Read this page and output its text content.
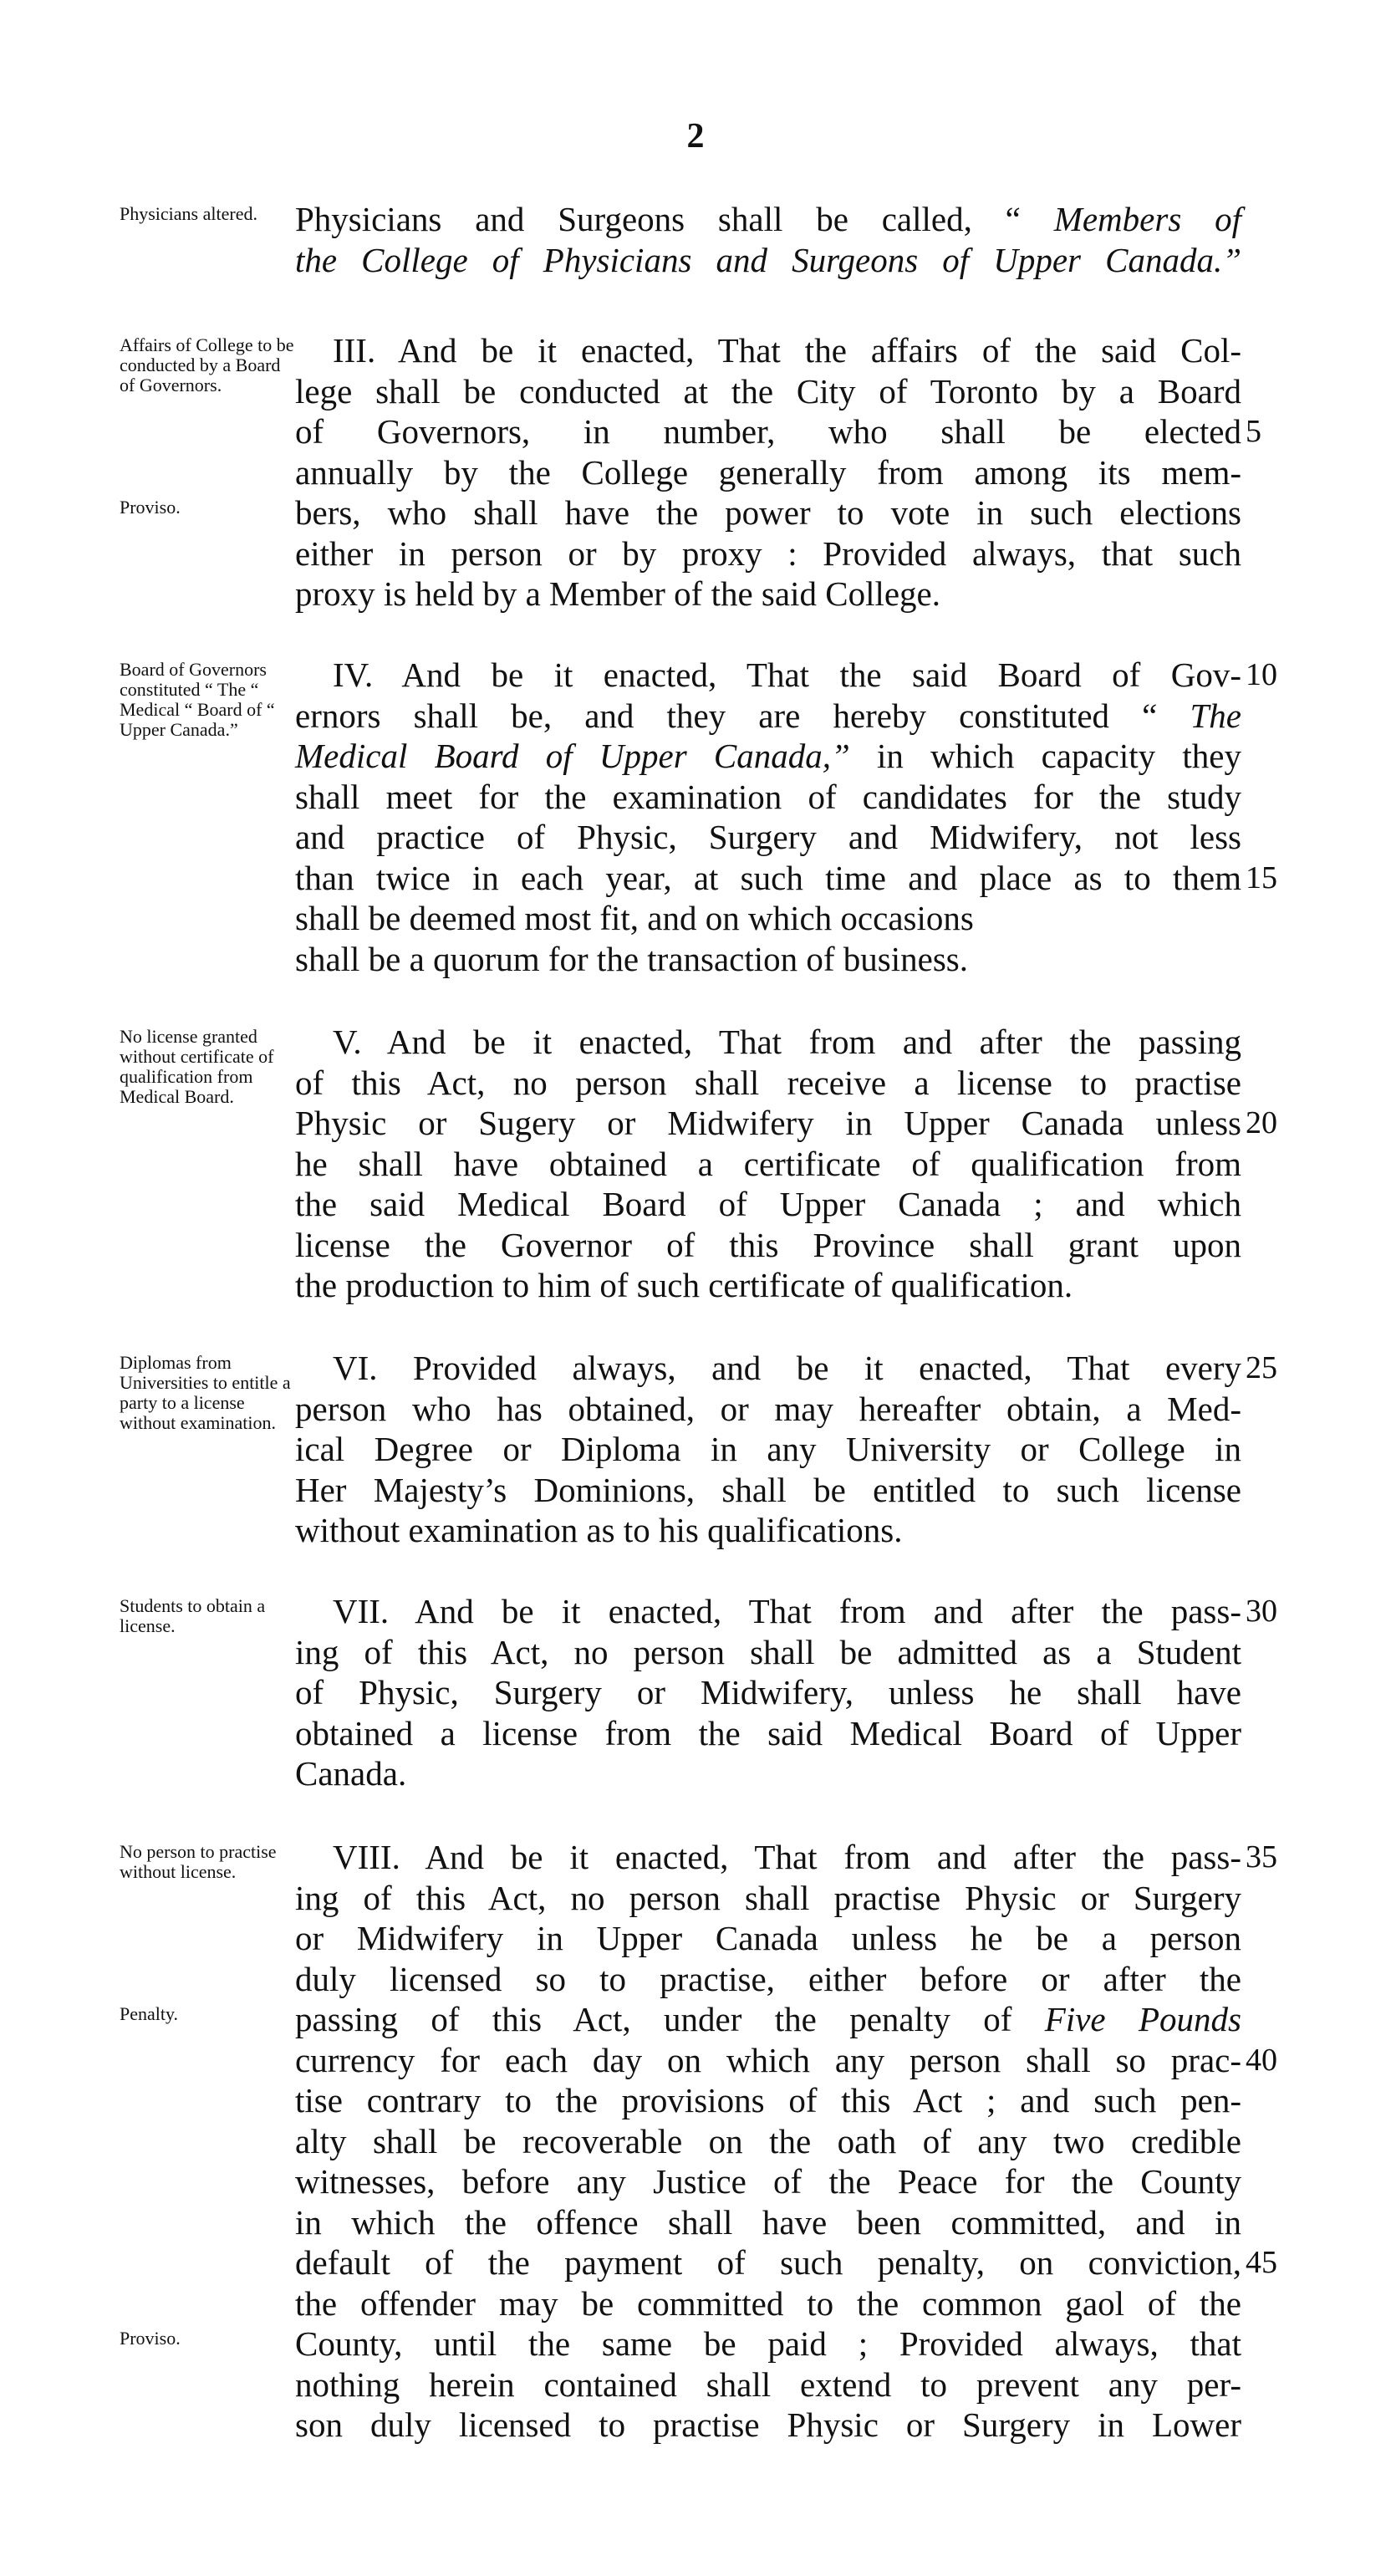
2
Physicians and Surgeons shall be called, “ Members of
the College of Physicians and Surgeons of Upper Canada.”
Physicians altered.
III. And be it enacted, That the affairs of the said Col-
lege shall be conducted at the City of Toronto by a Board
of Governors, in number, who shall be elected
annually by the College generally from among its mem-
bers, who shall have the power to vote in such elections
either in person or by proxy : Provided always, that such
proxy is held by a Member of the said College.
Affairs of College to be conducted by a Board of Governors.
Proviso.
5
IV. And be it enacted, That the said Board of Gov-
ernors shall be, and they are hereby constituted “ The
Medical Board of Upper Canada,” in which capacity they
shall meet for the examination of candidates for the study
and practice of Physic, Surgery and Midwifery, not less
than twice in each year, at such time and place as to them
shall be deemed most fit, and on which occasions
shall be a quorum for the transaction of business.
Board of Governors constituted “ The “ Medical “ Board of “ Upper Canada.”
10
15
V. And be it enacted, That from and after the passing
of this Act, no person shall receive a license to practise
Physic or Sugery or Midwifery in Upper Canada unless
he shall have obtained a certificate of qualification from
the said Medical Board of Upper Canada ; and which
license the Governor of this Province shall grant upon
the production to him of such certificate of qualification.
No license granted without certificate of qualification from Medical Board.
20
VI. Provided always, and be it enacted, That every
person who has obtained, or may hereafter obtain, a Med-
ical Degree or Diploma in any University or College in
Her Majesty’s Dominions, shall be entitled to such license
without examination as to his qualifications.
Diplomas from Universities to entitle a party to a license without examination.
25
VII. And be it enacted, That from and after the pass-
ing of this Act, no person shall be admitted as a Student
of Physic, Surgery or Midwifery, unless he shall have
obtained a license from the said Medical Board of Upper
Canada.
Students to obtain a license.	30
VIII. And be it enacted, That from and after the pass-
ing of this Act, no person shall practise Physic or Surgery
or Midwifery in Upper Canada unless he be a person
duly licensed so to practise, either before or after the
passing of this Act, under the penalty of Five Pounds
currency for each day on which any person shall so prac-
tise contrary to the provisions of this Act ; and such pen-
alty shall be recoverable on the oath of any two credible
witnesses, before any Justice of the Peace for the County
in which the offence shall have been committed, and in
default of the payment of such penalty, on conviction,
the offender may be committed to the common gaol of the
County, until the same be paid ; Provided always, that
nothing herein contained shall extend to prevent any per-
son duly licensed to practise Physic or Surgery in Lower
No person to practise without license.
Penalty.
Proviso.
35
40
45
